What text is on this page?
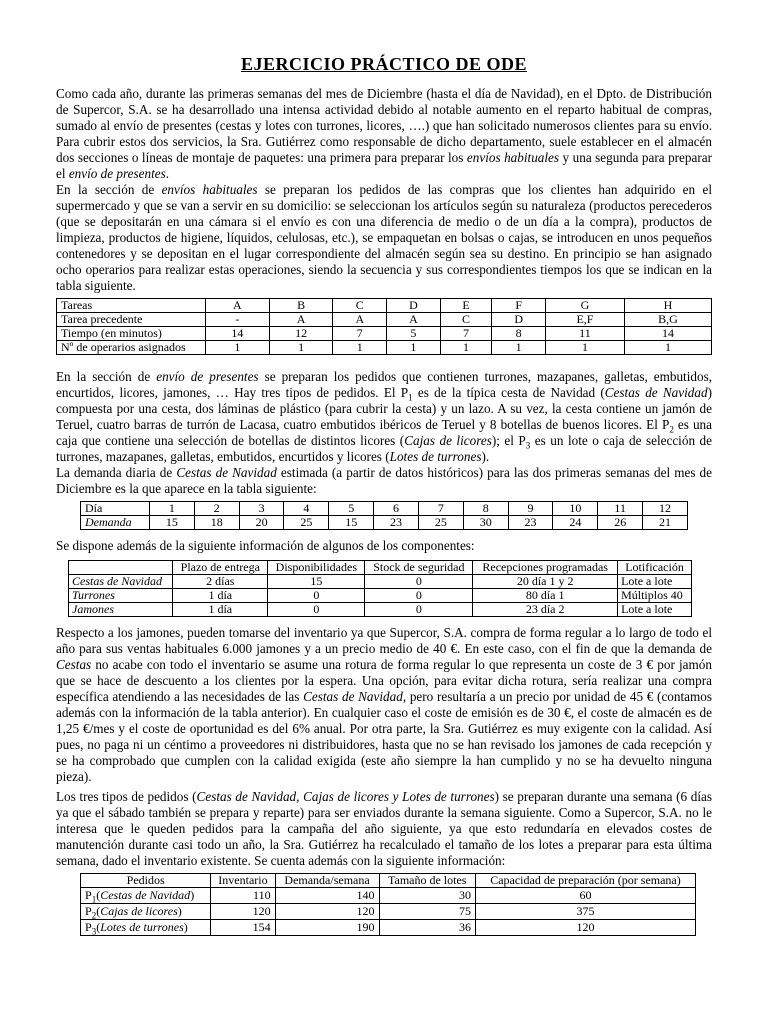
EJERCICIO PRÁCTICO DE ODE

Como cada año, durante las primeras semanas del mes de Diciembre (hasta el día de Navidad), en el Dpto. de Distribución de Supercor, S.A. se ha desarrollado una intensa actividad debido al notable aumento en el reparto habitual de compras, sumado al envío de presentes (cestas y lotes con turrones, licores, ….) que han solicitado numerosos clientes para su envío. Para cubrir estos dos servicios, la Sra. Gutiérrez como responsable de dicho departamento, suele establecer en el almacén dos secciones o líneas de montaje de paquetes: una primera para preparar los envíos habituales y una segunda para preparar el envío de presentes.

En la sección de envíos habituales se preparan los pedidos de las compras que los clientes han adquirido en el supermercado y que se van a servir en su domicilio: se seleccionan los artículos según su naturaleza (productos perecederos (que se depositarán en una cámara si el envío es con una diferencia de medio o de un día a la compra), productos de limpieza, productos de higiene, líquidos, celulosas, etc.), se empaquetan en bolsas o cajas, se introducen en unos pequeños contenedores y se depositan en el lugar correspondiente del almacén según sea su destino. En principio se han asignado ocho operarios para realizar estas operaciones, siendo la secuencia y sus correspondientes tiempos los que se indican en la tabla siguiente.

Tareas	A	B	C	D	E	F	G	H
Tarea precedente	-	A	A	A	C	D	E,F	B,G
Tiempo (en minutos)	14	12	7	5	7	8	11	14
Nº de operarios asignados	1	1	1	1	1	1	1	1

En la sección de envío de presentes se preparan los pedidos que contienen turrones, mazapanes, galletas, embutidos, encurtidos, licores, jamones, … Hay tres tipos de pedidos. El $P_1$ es de la típica cesta de Navidad (Cestas de Navidad) compuesta por una cesta, dos láminas de plástico (para cubrir la cesta) y un lazo. A su vez, la cesta contiene un jamón de Teruel, cuatro barras de turrón de Lacasa, cuatro embutidos ibéricos de Teruel y 8 botellas de buenos licores. El $P_2$ es una caja que contiene una selección de botellas de distintos licores (Cajas de licores); el $P_3$ es un lote o caja de selección de turrones, mazapanes, galletas, embutidos, encurtidos y licores (Lotes de turrones).

La demanda diaria de Cestas de Navidad estimada (a partir de datos históricos) para las dos primeras semanas del mes de Diciembre es la que aparece en la tabla siguiente:

Día	1	2	3	4	5	6	7	8	9	10	11	12
Demanda	15	18	20	25	15	23	25	30	23	24	26	21

Se dispone además de la siguiente información de algunos de los componentes:

	Plazo de entrega	Disponibilidades	Stock de seguridad	Recepciones programadas	Lotificación
Cestas de Navidad	2 días	15	0	20 día 1 y 2	Lote a lote
Turrones	1 día	0	0	80 día 1	Múltiplos 40
Jamones	1 día	0	0	23 día 2	Lote a lote

Respecto a los jamones, pueden tomarse del inventario ya que Supercor, S.A. compra de forma regular a lo largo de todo el año para sus ventas habituales 6.000 jamones y a un precio medio de 40 €. En este caso, con el fin de que la demanda de Cestas no acabe con todo el inventario se asume una rotura de forma regular lo que representa un coste de 3 € por jamón que se hace de descuento a los clientes por la espera. Una opción, para evitar dicha rotura, sería realizar una compra específica atendiendo a las necesidades de las Cestas de Navidad, pero resultaría a un precio por unidad de 45 € (contamos además con la información de la tabla anterior). En cualquier caso el coste de emisión es de 30 €, el coste de almacén es de 1,25 €/mes y el coste de oportunidad es del 6% anual. Por otra parte, la Sra. Gutiérrez es muy exigente con la calidad. Así pues, no paga ni un céntimo a proveedores ni distribuidores, hasta que no se han revisado los jamones de cada recepción y se ha comprobado que cumplen con la calidad exigida (este año siempre la han cumplido y no se ha devuelto ninguna pieza).

Los tres tipos de pedidos (Cestas de Navidad, Cajas de licores y Lotes de turrones) se preparan durante una semana (6 días ya que el sábado también se prepara y reparte) para ser enviados durante la semana siguiente. Como a Supercor, S.A. no le interesa que le queden pedidos para la campaña del año siguiente, ya que esto redundaría en elevados costes de manutención durante casi todo un año, la Sra. Gutiérrez ha recalculado el tamaño de los lotes a preparar para esta última semana, dado el inventario existente. Se cuenta además con la siguiente información:

Pedidos	Inventario	Demanda/semana	Tamaño de lotes	Capacidad de preparación (por semana)
$P_1(Cestas$ de Navidad)	110	140	30	60
$P_2(Cajas$ de licores)	120	120	75	375
$P_3(Lotes$ de turrones)	154	190	36	120
